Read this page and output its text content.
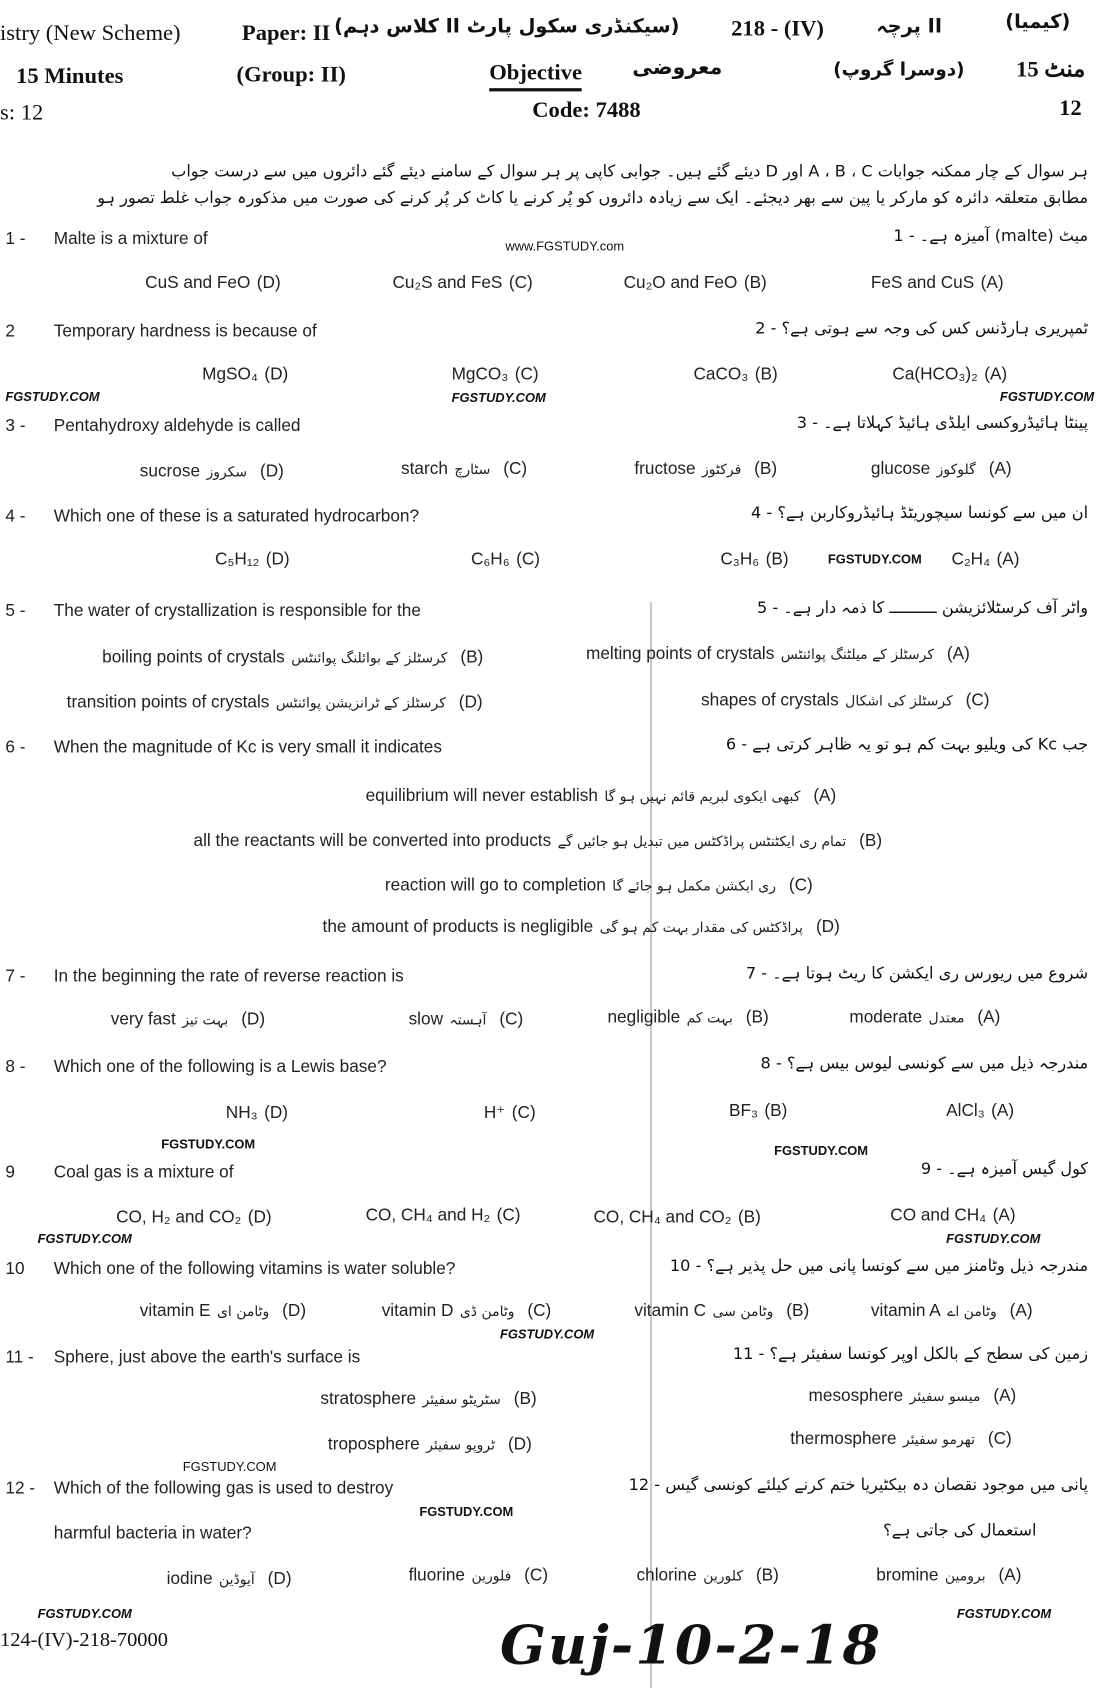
istry (New Scheme)	Paper: II (سیکنڈری سکول پارٹ II کلاس دہم) 218 - (IV)	II پرچہ	(کیمیا)
15 Minutes	(Group: II)	Objective	معروضی	(دوسرا گروپ) 15 منٹ
s: 12	Code: 7488	12
ہر سوال کے چار ممکنہ جوابات A ، B ، C اور D دیئے گئے ہیں۔ جوابی کاپی پر ہر سوال کے سامنے دیئے گئے دائروں میں سے درست جواب
مطابق متعلقہ دائرہ کو مارکر یا پین سے بھر دیجئے۔ ایک سے زیادہ دائروں کو پُر کرنے یا کاٹ کر پُر کرنے کی صورت میں مذکورہ جواب غلط تصور ہو
1 - Malte is a mixture of	میٹ (malte) آمیزہ ہے۔ - 1
FeS and CuS (A)
Cu₂O and FeO (B)
Cu₂S and FeS (C)
CuS and FeO (D)
2 Temporary hardness is because of	ٹمپریری ہارڈنس کس کی وجہ سے ہوتی ہے؟ - 2
Ca(HCO₃)₂ (A)
CaCO₃ (B)
MgCO₃ (C)
MgSO₄ (D)
3 - Pentahydroxy aldehyde is called	پینٹا ہائیڈروکسی ایلڈی ہائیڈ کہلاتا ہے۔ - 3
glucose گلوکوز (A)
fructose فرکٹوز (B)
starch سٹارچ (C)
sucrose سکروز (D)
4 - Which one of these is a saturated hydrocarbon?	ان میں سے کونسا سیچوریٹڈ ہائیڈروکاربن ہے؟ - 4
C₂H₄ (A)
C₃H₆ (B)
C₆H₆ (C)
C₅H₁₂ (D)
5 - The water of crystallization is responsible for the	واٹر آف کرسٹلائزیشن ــــــــــ کا ذمہ دار ہے۔ - 5
melting points of crystals کرسٹلز کے میلٹنگ پوائنٹس (A)
boiling points of crystals کرسٹلز کے بوائلنگ پوائنٹس (B)
shapes of crystals کرسٹلز کی اشکال (C)
transition points of crystals کرسٹلز کے ٹرانزیشن پوائنٹس (D)
6 - When the magnitude of Kc is very small it indicates	جب Kc کی ویلیو بہت کم ہو تو یہ ظاہر کرتی ہے - 6
equilibrium will never establish کبھی ایکوی لبریم قائم نہیں ہو گا (A)
all the reactants will be converted into products تمام ری ایکٹنٹس پراڈکٹس میں تبدیل ہو جائیں گے (B)
reaction will go to completion ری ایکشن مکمل ہو جائے گا (C)
the amount of products is negligible پراڈکٹس کی مقدار بہت کم ہو گی (D)
7 - In the beginning the rate of reverse reaction is	شروع میں ریورس ری ایکشن کا ریٹ ہوتا ہے۔ - 7
moderate معتدل (A)
negligible بہت کم (B)
slow آہستہ (C)
very fast بہت تیز (D)
8 - Which one of the following is a Lewis base?	مندرجہ ذیل میں سے کونسی لیوس بیس ہے؟ - 8
AlCl₃ (A)
BF₃ (B)
H⁺ (C)
NH₃ (D)
9 Coal gas is a mixture of	کول گیس آمیزہ ہے۔ - 9
CO and CH₄ (A)
CO, CH₄ and CO₂ (B)
CO, CH₄ and H₂ (C)
CO, H₂ and CO₂ (D)
10 Which one of the following vitamins is water soluble?	مندرجہ ذیل وٹامنز میں سے کونسا پانی میں حل پذیر ہے؟ - 10
vitamin A وٹامن اے (A)
vitamin C وٹامن سی (B)
vitamin D وٹامن ڈی (C)
vitamin E وٹامن ای (D)
11 - Sphere, just above the earth's surface is	زمین کی سطح کے بالکل اوپر کونسا سفیئر ہے؟ - 11
mesosphere میسو سفیئر (A)
stratosphere سٹریٹو سفیئر (B)
thermosphere تھرمو سفیئر (C)
troposphere ٹروپو سفیئر (D)
12 - Which of the following gas is used to destroy	پانی میں موجود نقصان دہ بیکٹیریا ختم کرنے کیلئے کونسی گیس - 12
harmful bacteria in water?	استعمال کی جاتی ہے؟
bromine برومین (A)
chlorine کلورین (B)
fluorine فلورین (C)
iodine آیوڈین (D)
124-(IV)-218-70000	Guj-10-2-18
FGSTUDY.COM	FGSTUDY.COM	FGSTUDY.COM
www.FGSTUDY.com
FGSTUDY.COM
FGSTUDY.COM	FGSTUDY.COM
FGSTUDY.COM	FGSTUDY.COM
FGSTUDY.COM
FGSTUDY.COM
FGSTUDY.COM
FGSTUDY.COM
FGSTUDY.COM
